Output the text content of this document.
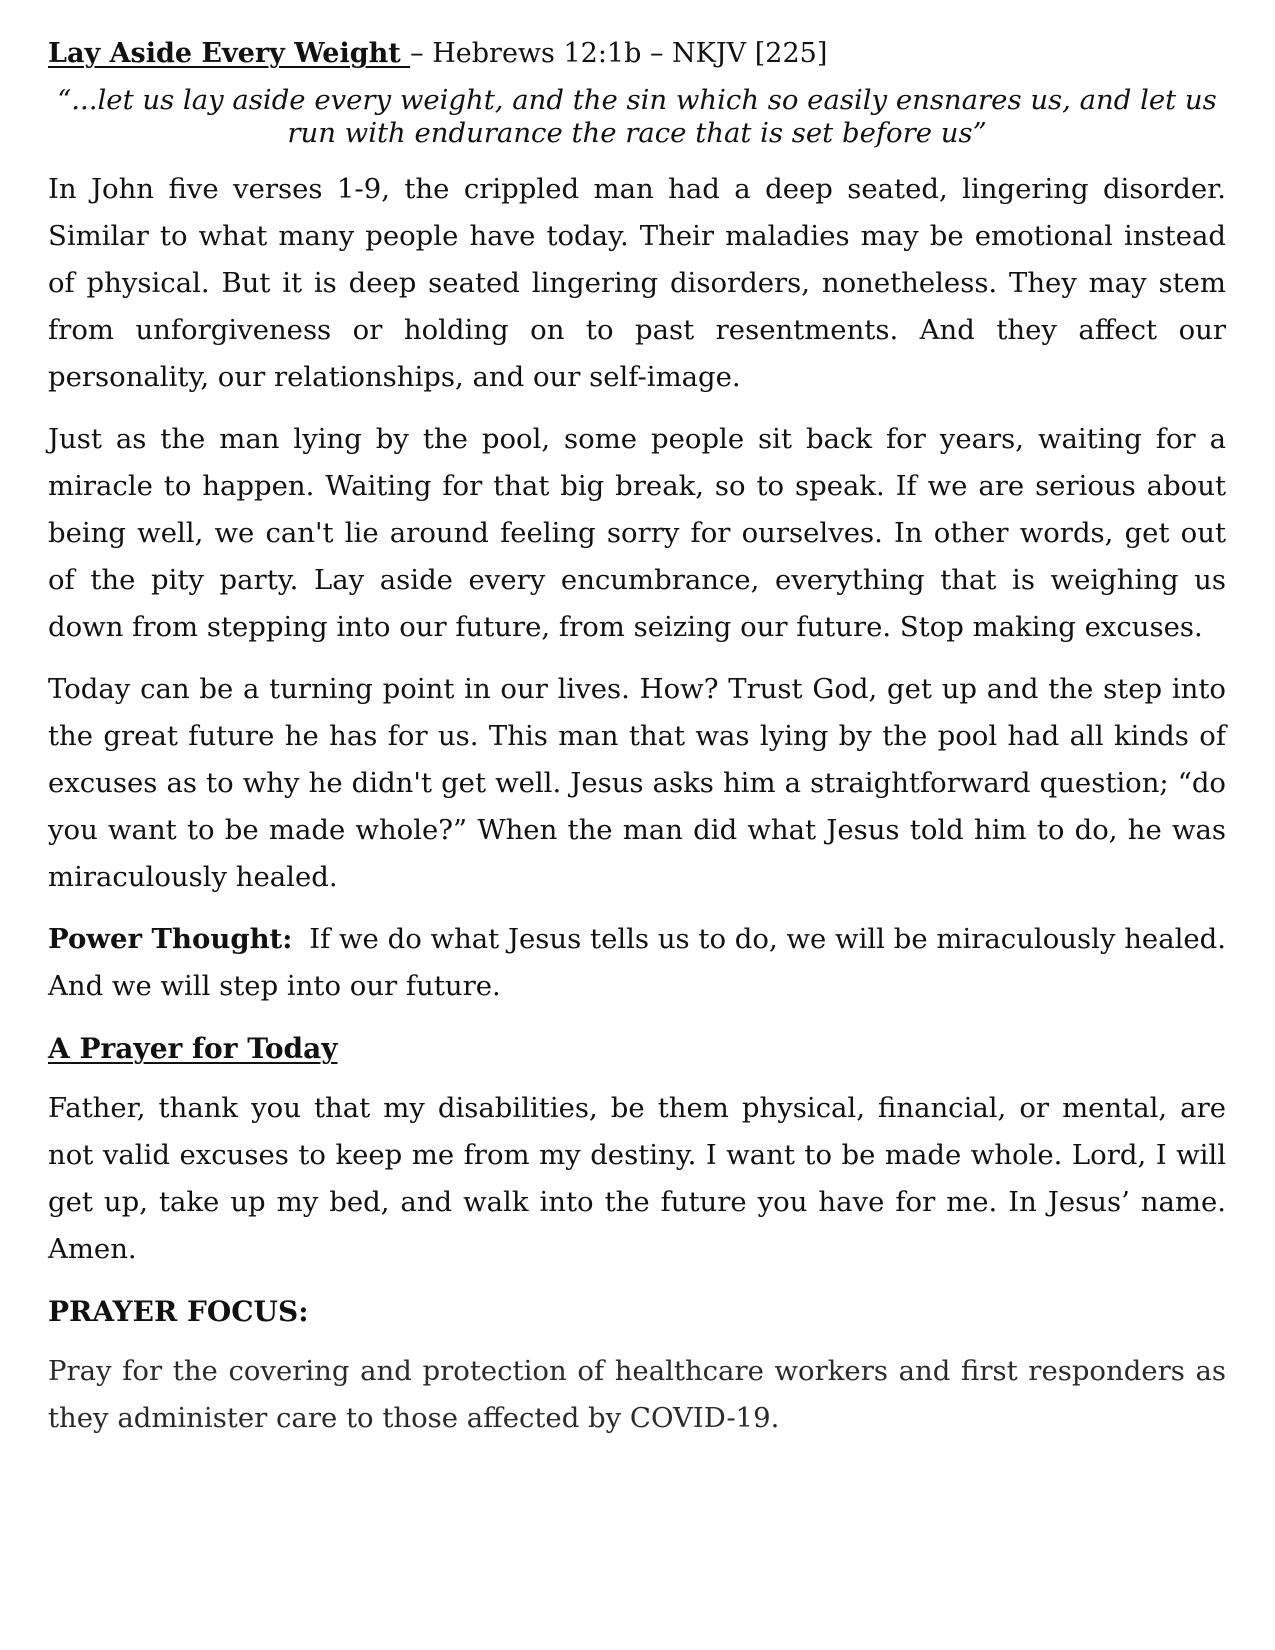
Lay Aside Every Weight – Hebrews 12:1b – NKJV [225]
“...let us lay aside every weight, and the sin which so easily ensnares us, and let us
run with endurance the race that is set before us”

In John five verses 1-9, the crippled man had a deep seated, lingering disorder. Similar to what many people have today. Their maladies may be emotional instead of physical. But it is deep seated lingering disorders, nonetheless. They may stem from unforgiveness or holding on to past resentments. And they affect our personality, our relationships, and our self-image.

Just as the man lying by the pool, some people sit back for years, waiting for a miracle to happen. Waiting for that big break, so to speak. If we are serious about being well, we can't lie around feeling sorry for ourselves. In other words, get out of the pity party. Lay aside every encumbrance, everything that is weighing us down from stepping into our future, from seizing our future. Stop making excuses.

Today can be a turning point in our lives. How? Trust God, get up and the step into the great future he has for us. This man that was lying by the pool had all kinds of excuses as to why he didn't get well. Jesus asks him a straightforward question; “do you want to be made whole?” When the man did what Jesus told him to do, he was miraculously healed.

Power Thought: If we do what Jesus tells us to do, we will be miraculously healed. And we will step into our future.

A Prayer for Today

Father, thank you that my disabilities, be them physical, financial, or mental, are not valid excuses to keep me from my destiny. I want to be made whole. Lord, I will get up, take up my bed, and walk into the future you have for me. In Jesus’ name. Amen.

PRAYER FOCUS:

Pray for the covering and protection of healthcare workers and first responders as they administer care to those affected by COVID-19.
